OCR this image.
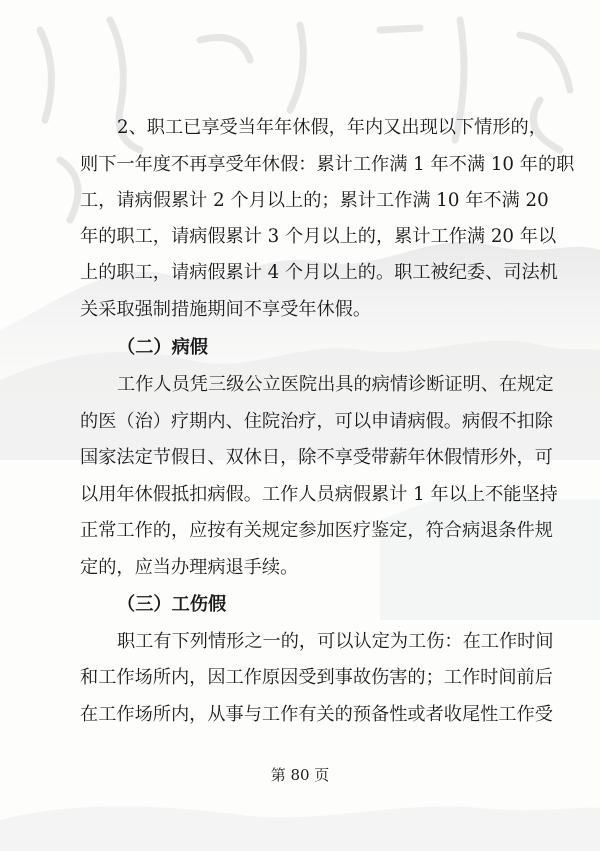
2、职工已享受当年年休假，年内又出现以下情形的，
则下一年度不再享受年休假：累计工作满 1 年不满 10 年的职
工，请病假累计 2 个月以上的；累计工作满 10 年不满 20
年的职工，请病假累计 3 个月以上的，累计工作满 20 年以
上的职工，请病假累计 4 个月以上的。职工被纪委、司法机
关采取强制措施期间不享受年休假。
（二）病假
工作人员凭三级公立医院出具的病情诊断证明、在规定
的医（治）疗期内、住院治疗，可以申请病假。病假不扣除
国家法定节假日、双休日，除不享受带薪年休假情形外，可
以用年休假抵扣病假。工作人员病假累计 1 年以上不能坚持
正常工作的，应按有关规定参加医疗鉴定，符合病退条件规
定的，应当办理病退手续。
（三）工伤假
职工有下列情形之一的，可以认定为工伤：在工作时间
和工作场所内，因工作原因受到事故伤害的；工作时间前后
在工作场所内，从事与工作有关的预备性或者收尾性工作受
第 80 页
